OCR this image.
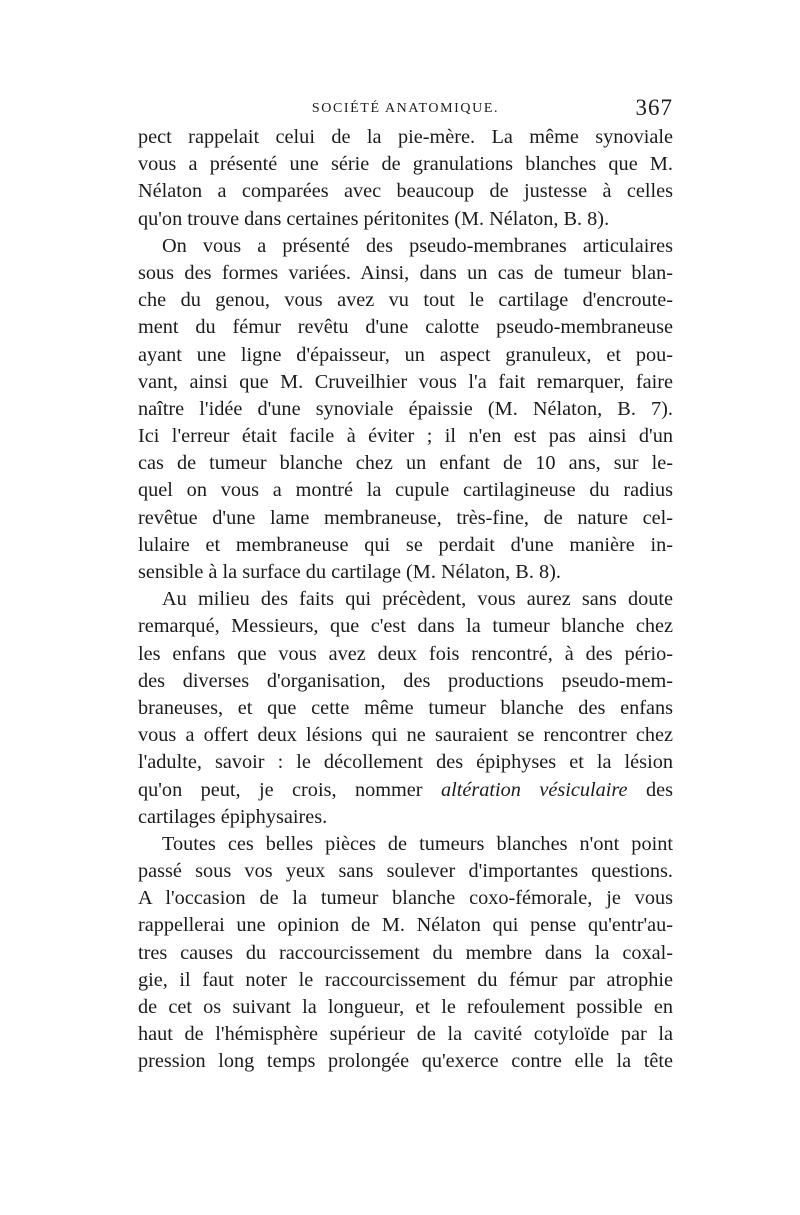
SOCIÉTÉ ANATOMIQUE.	367
pect rappelait celui de la pie-mère. La même synoviale
vous a présenté une série de granulations blanches que M.
Nélaton a comparées avec beaucoup de justesse à celles
qu'on trouve dans certaines péritonites (M. Nélaton, B. 8).
On vous a présenté des pseudo-membranes articulaires
sous des formes variées. Ainsi, dans un cas de tumeur blan-
che du genou, vous avez vu tout le cartilage d'encroute-
ment du fémur revêtu d'une calotte pseudo-membraneuse
ayant une ligne d'épaisseur, un aspect granuleux, et pou-
vant, ainsi que M. Cruveilhier vous l'a fait remarquer, faire
naître l'idée d'une synoviale épaissie (M. Nélaton, B. 7).
Ici l'erreur était facile à éviter ; il n'en est pas ainsi d'un
cas de tumeur blanche chez un enfant de 10 ans, sur le-
quel on vous a montré la cupule cartilagineuse du radius
revêtue d'une lame membraneuse, très-fine, de nature cel-
lulaire et membraneuse qui se perdait d'une manière in-
sensible à la surface du cartilage (M. Nélaton, B. 8).
Au milieu des faits qui précèdent, vous aurez sans doute
remarqué, Messieurs, que c'est dans la tumeur blanche chez
les enfans que vous avez deux fois rencontré, à des pério-
des diverses d'organisation, des productions pseudo-mem-
braneuses, et que cette même tumeur blanche des enfans
vous a offert deux lésions qui ne sauraient se rencontrer chez
l'adulte, savoir : le décollement des épiphyses et la lésion
qu'on peut, je crois, nommer altération vésiculaire des
cartilages épiphysaires.
Toutes ces belles pièces de tumeurs blanches n'ont point
passé sous vos yeux sans soulever d'importantes questions.
A l'occasion de la tumeur blanche coxo-fémorale, je vous
rappellerai une opinion de M. Nélaton qui pense qu'entr'au-
tres causes du raccourcissement du membre dans la coxal-
gie, il faut noter le raccourcissement du fémur par atrophie
de cet os suivant la longueur, et le refoulement possible en
haut de l'hémisphère supérieur de la cavité cotyloïde par la
pression long temps prolongée qu'exerce contre elle la tête
